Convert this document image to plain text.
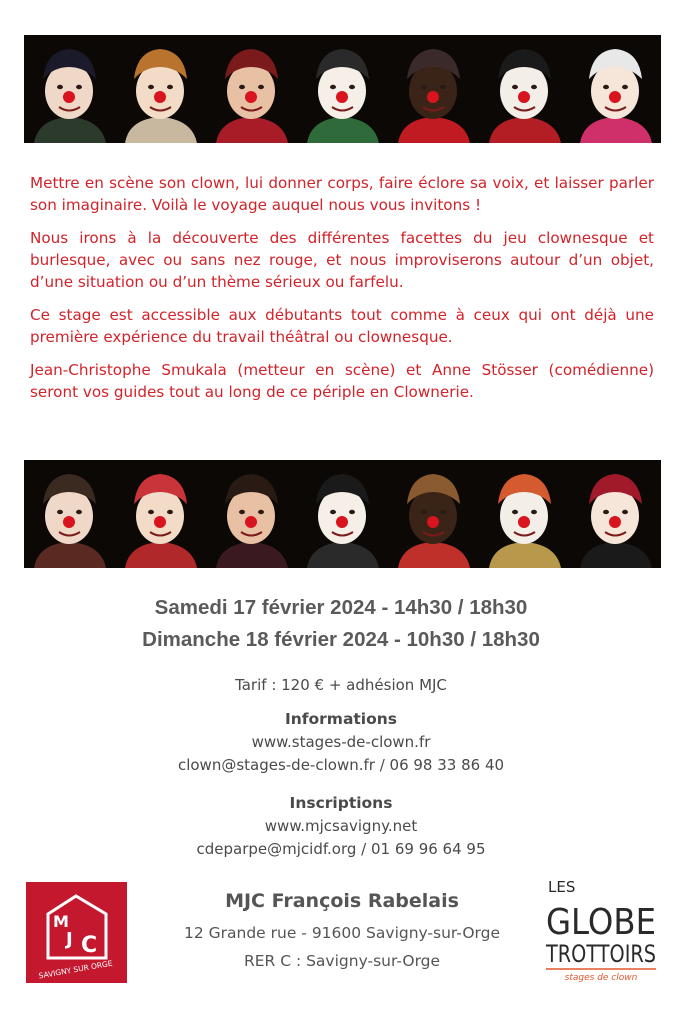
Mettre en scène son clown, lui donner corps, faire éclore sa voix, et laisser parler son imaginaire. Voilà le voyage auquel nous vous invitons !

Nous irons à la découverte des différentes facettes du jeu clownesque et burlesque, avec ou sans nez rouge, et nous improviserons autour d’un objet, d’une situation ou d’un thème sérieux ou farfelu.

Ce stage est accessible aux débutants tout comme à ceux qui ont déjà une première expérience du travail théâtral ou clownesque.

Jean-Christophe Smukala (metteur en scène) et Anne Stösser (comédienne) seront vos guides tout au long de ce périple en Clownerie.

Samedi 17 février 2024 - 14h30 / 18h30
Dimanche 18 février 2024 - 10h30 / 18h30
Tarif : 120 € + adhésion MJC
Informations
www.stages-de-clown.fr
clown@stages-de-clown.fr / 06 98 33 86 40
Inscriptions
www.mjcsavigny.net
cdeparpe@mjcidf.org / 01 69 96 64 95
M
J C
SAVIGNY SUR ORGE
MJC François Rabelais
12 Grande rue - 91600 Savigny-sur-Orge
RER C : Savigny-sur-Orge
LES
GLOBE
TROTTOIRS
stages de clown
